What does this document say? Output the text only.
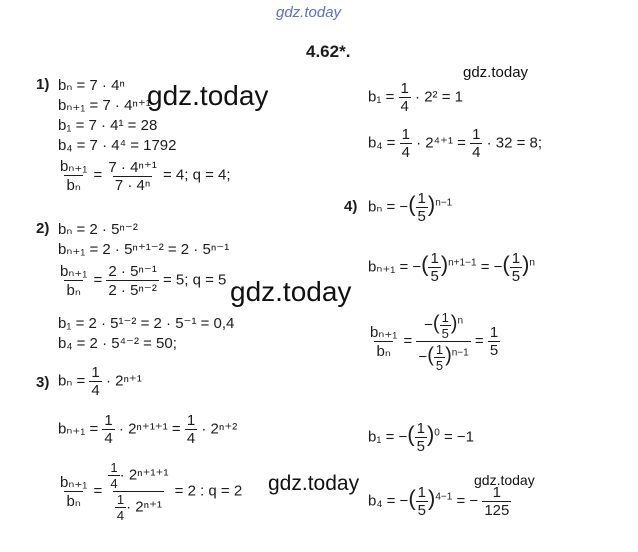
gdz.today
4.62*.
gdz.today
gdz.today
gdz.today
gdz.today	gdz.today
1) bₙ = 7 · 4ⁿ
bₙ₊₁ = 7 · 4ⁿ⁺¹
b₁ = 7 · 4¹ = 28
b₄ = 7 · 4⁴ = 1792
$\frac{\text{bₙ₊₁}}{\text{bₙ}} = \frac{\text{7 · 4ⁿ⁺¹}}{\text{7 · 4ⁿ}} = 4$; q = 4;
2) bₙ = 2 · 5ⁿ⁻²
bₙ₊₁ = 2 · 5ⁿ⁺¹⁻² = 2 · 5ⁿ⁻¹
$\frac{\text{bₙ₊₁}}{\text{bₙ}} = \frac{\text{2 · 5ⁿ⁻¹}}{\text{2 · 5ⁿ⁻²}} = 5$; q = 5
b₁ = 2 · 5¹⁻² = 2 · 5⁻¹ = 0,4
b₄ = 2 · 5⁴⁻² = 50;
3) $b_n = \frac{1}{4} \cdot 2^{n+1}$
$b_{n+1} = \frac{1}{4} \cdot 2^{n+1+1} = \frac{1}{4} \cdot 2^{n+2}$
$\frac{\text{bₙ₊₁}}{\text{bₙ}} = \frac{\frac{1}{4} \cdot 2^{n+1+1}}{\frac{1}{4} \cdot 2^{n+1}} = 2$ : q = 2
$b_1 = \frac{1}{4} \cdot 2^2 = 1$
$b_4 = \frac{1}{4} \cdot 2^{4+1} = \frac{1}{4} \cdot 32 = 8$;
4) bₙ = −( $\frac{1}{5} )^{n-1}$
bₙ₊₁ = −( $\frac{1}{5} )^{n+1-1}$ = −( $\frac{1}{5} )^n$
$\frac{\text{bₙ₊₁}}{\text{bₙ}} = \frac{-( \frac{1}{5} )^n}{-( \frac{1}{5} )^{n-1}} = \frac{1}{5}$
b₁ = −( $\frac{1}{5} )^0 = -1$
b₄ = −( $\frac{1}{5} )^{4-1}$ = − $\frac{1}{125}$
